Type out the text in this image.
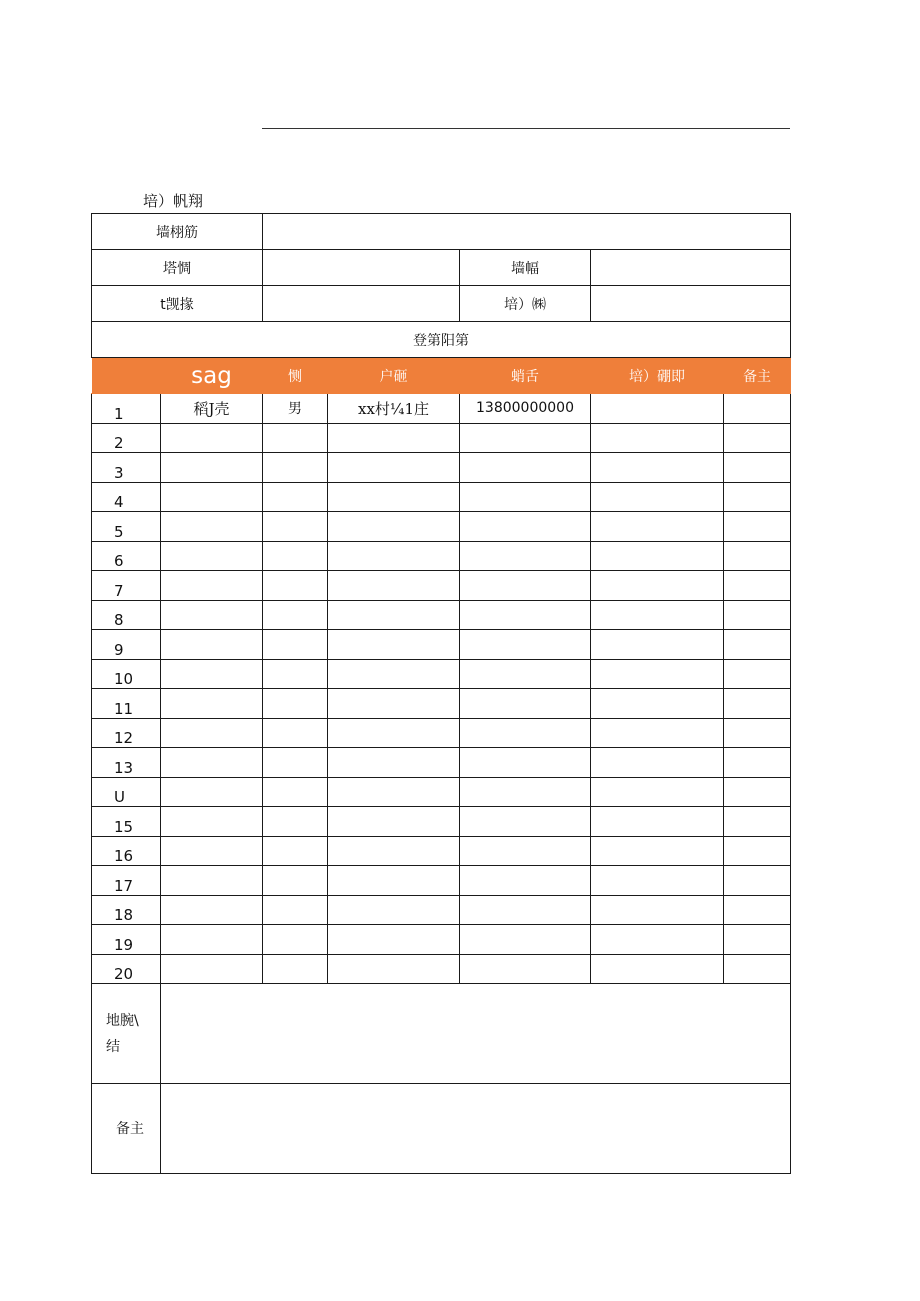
培）帆翔
墙栩筋						
塔惆				墙幅		
t觊掾				培）㈱		
登第阳第						
	sag	恻	户砸	蛸舌	培）硼即	备主
1	稻J壳	男	xx村¼1庄	13800000000		
2						
3						
4						
5						
6						
7						
8						
9						
10						
11						
12						
13						
U						
15						
16						
17						
18						
19						
20						
地腕\
结						
备主						
